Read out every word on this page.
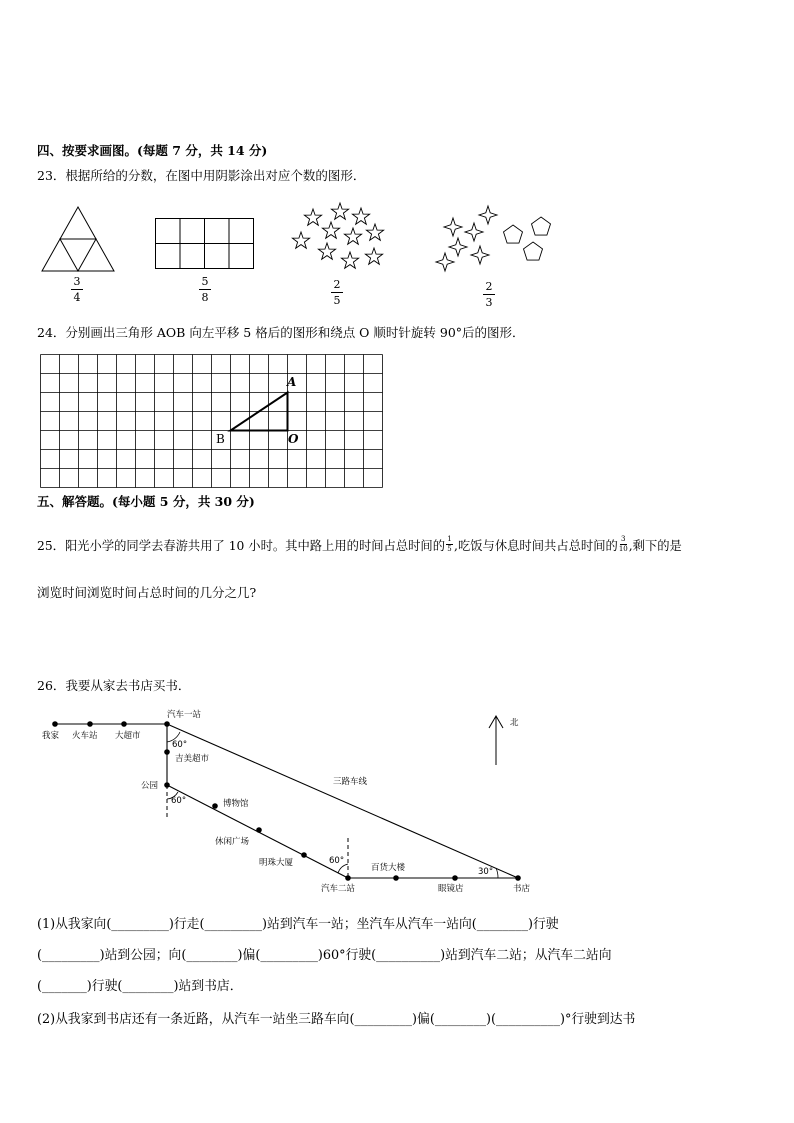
四、按要求画图。(每题 7 分，共 14 分)
23．根据所给的分数，在图中用阴影涂出对应个数的图形．
3
4
5
8
2
5
2
3
24．分别画出三角形 AOB 向左平移 5 格后的图形和绕点 O 顺时针旋转 90°后的图形．
A
B	O
五、解答题。(每小题 5 分，共 30 分)
25．阳光小学的同学去春游共用了 10 小时。其中路上用的时间占总时间的 $\frac{1}{5}$ ,吃饭与休息时间共占总时间的 $\frac{3}{10}$ ,剩下的是
浏览时间浏览时间占总时间的几分之几?
26．我要从家去书店买书．
我家 火车站 大超市
汽车一站
60°
吉美超市
公园
60°	博物馆
休闲广场
明珠大厦	60°
汽车二站
百货大楼
眼镜店	书店
30°
三路车线
北
(1)从我家向(_________)行走(_________)站到汽车一站；坐汽车从汽车一站向(________)行驶
(_________)站到公园；向(________)偏(_________)60°行驶(__________)站到汽车二站；从汽车二站向
(_______)行驶(________)站到书店．
(2)从我家到书店还有一条近路，从汽车一站坐三路车向(_________)偏(________)(__________)°行驶到达书
